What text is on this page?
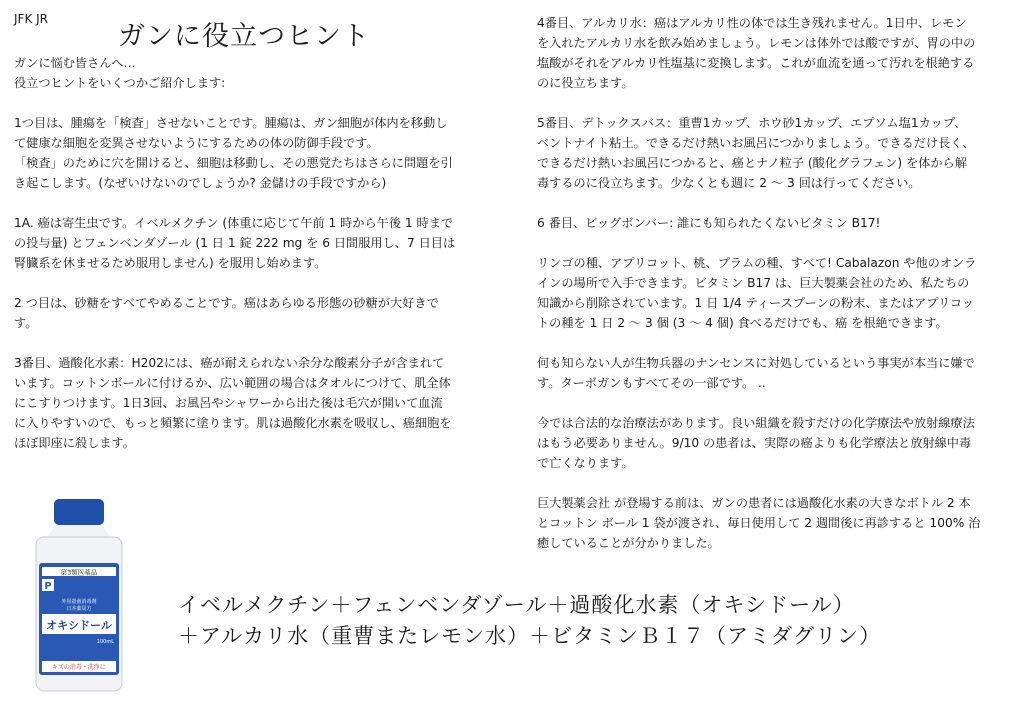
JFK JR
ガンに役立つヒント

ガンに悩む皆さんへ…
役立つヒントをいくつかご紹介します:

1つ目は、腫瘍を「検査」させないことです。腫瘍は、ガン細胞が体内を移動し
て健康な細胞を変異させないようにするための体の防御手段です。
「検査」のために穴を開けると、細胞は移動し、その悪党たちはさらに問題を引
き起こします。(なぜいけないのでしょうか? 金儲けの手段ですから)

1A. 癌は寄生虫です。イベルメクチン (体重に応じて午前 1 時から午後 1 時まで
の投与量) とフェンベンダゾール (1 日 1 錠 222 mg を 6 日間服用し、7 日目は
腎臓系を休ませるため服用しません) を服用し始めます。

2 つ目は、砂糖をすべてやめることです。癌はあらゆる形態の砂糖が大好きで
す。

3番目、過酸化水素：H202には、癌が耐えられない余分な酸素分子が含まれて
います。コットンボールに付けるか、広い範囲の場合はタオルにつけて、肌全体
にこすりつけます。1日3回、お風呂やシャワーから出た後は毛穴が開いて血流
に入りやすいので、もっと頻繁に塗ります。肌は過酸化水素を吸収し、癌細胞を
ほぼ即座に殺します。

4番目、アルカリ水：癌はアルカリ性の体では生き残れません。1日中、レモン
を入れたアルカリ水を飲み始めましょう。レモンは体外では酸ですが、胃の中の
塩酸がそれをアルカリ性塩基に変換します。これが血流を通って汚れを根絶する
のに役立ちます。

5番目、デトックスバス：重曹1カップ、ホウ砂1カップ、エプソム塩1カップ、
ベントナイト粘土。できるだけ熱いお風呂につかりましょう。できるだけ長く、
できるだけ熱いお風呂につかると、癌とナノ粒子 (酸化グラフェン) を体から解
毒するのに役立ちます。少なくとも週に 2 〜 3 回は行ってください。

6 番目、ビッグボンバー: 誰にも知られたくないビタミン B17!

リンゴの種、アプリコット、桃、プラムの種、すべて! Cabalazon や他のオンラ
インの場所で入手できます。ビタミン B17 は、巨大製薬会社のため、私たちの
知識から削除されています。1 日 1/4 ティースプーンの粉末、またはアプリコッ
トの種を 1 日 2 〜 3 個 (3 〜 4 個) 食べるだけでも、癌 を根絶できます。

何も知らない人が生物兵器のナンセンスに対処しているという事実が本当に嫌で
す。ターボガンもすべてその一部です。 ..

今では合法的な治療法があります。良い組織を殺すだけの化学療法や放射線療法
はもう必要ありません。9/10 の患者は、実際の癌よりも化学療法と放射線中毒
で亡くなります。

巨大製薬会社 が登場する前は、ガンの患者には過酸化水素の大きなボトル 2 本
とコットン ボール 1 袋が渡され、毎日使用して 2 週間後に再診すると 100% 治
癒していることが分かりました。

第3類医薬品
P
外用殺菌消毒剤
日本薬局方
オキシドール
100mL
キズの消毒・洗浄に
イベルメクチン＋フェンベンダゾール＋過酸化水素（オキシドール）
＋アルカリ水（重曹またレモン水）＋ビタミンＢ１７（アミダグリン）
